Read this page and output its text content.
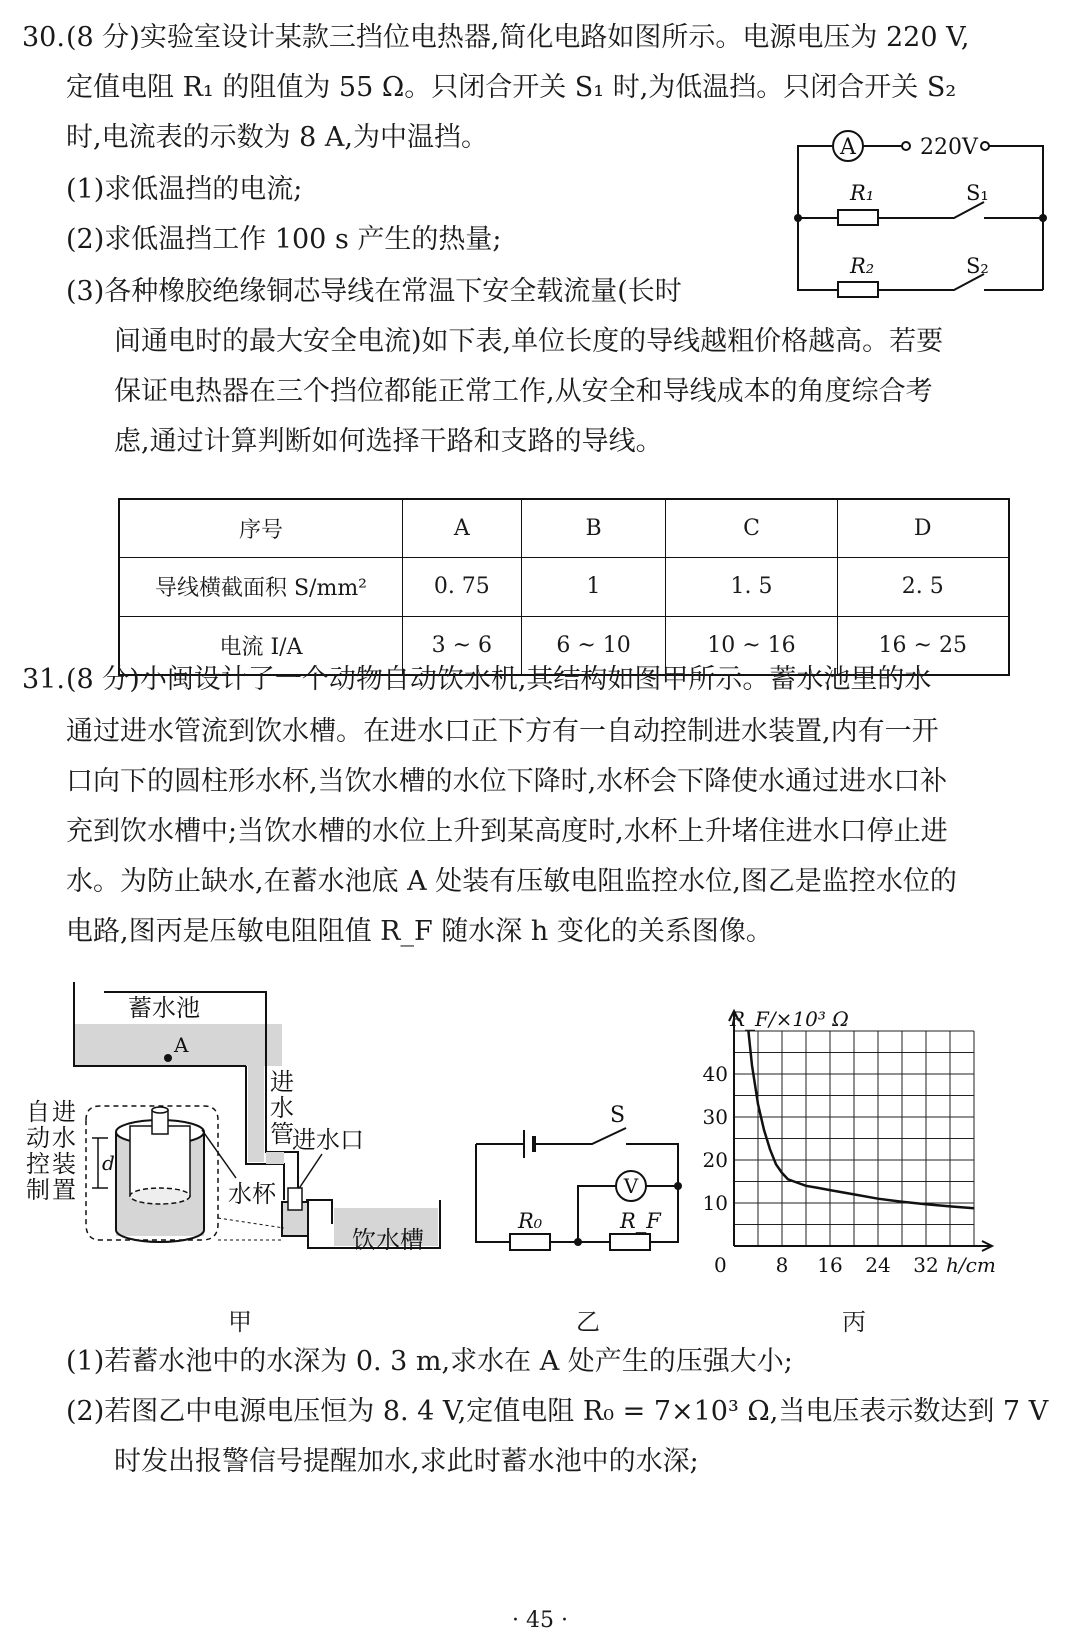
30. (8 分)实验室设计某款三挡位电热器,简化电路如图所示。电源电压为 220 V,
定值电阻 R₁ 的阻值为 55 Ω。只闭合开关 S₁ 时,为低温挡。只闭合开关 S₂
时,电流表的示数为 8 A,为中温挡。
(1)求低温挡的电流;
(2)求低温挡工作 100 s 产生的热量;
(3)各种橡胶绝缘铜芯导线在常温下安全载流量(长时
间通电时的最大安全电流)如下表,单位长度的导线越粗价格越高。若要
保证电热器在三个挡位都能正常工作,从安全和导线成本的角度综合考
虑,通过计算判断如何选择干路和支路的导线。
A	220V
R₁	S₁
R₂	S₂
序号	A	B	C	D
导线横截面积 S/mm²	0. 75	1	1. 5	2. 5
电流 I/A	3 ~ 6	6 ~ 10	10 ~ 16	16 ~ 25
31. (8 分)小闽设计了一个动物自动饮水机,其结构如图甲所示。蓄水池里的水
通过进水管流到饮水槽。在进水口正下方有一自动控制进水装置,内有一开
口向下的圆柱形水杯,当饮水槽的水位下降时,水杯会下降使水通过进水口补
充到饮水槽中;当饮水槽的水位上升到某高度时,水杯上升堵住进水口停止进
水。为防止缺水,在蓄水池底 A 处装有压敏电阻监控水位,图乙是监控水位的
电路,图丙是压敏电阻阻值 R_F 随水深 h 变化的关系图像。
蓄水池
A
进
水
管
进水口
饮水槽
d
自
动
控
制
进
水
装
置	水杯
甲
S
V
R₀	R_F
乙
10
20
30
40
0 8 16 24 32
R_F/×10³ Ω
h/cm
丙
(1)若蓄水池中的水深为 0. 3 m,求水在 A 处产生的压强大小;
(2)若图乙中电源电压恒为 8. 4 V,定值电阻 R₀ = 7×10³ Ω,当电压表示数达到 7 V
时发出报警信号提醒加水,求此时蓄水池中的水深;
· 45 ·
